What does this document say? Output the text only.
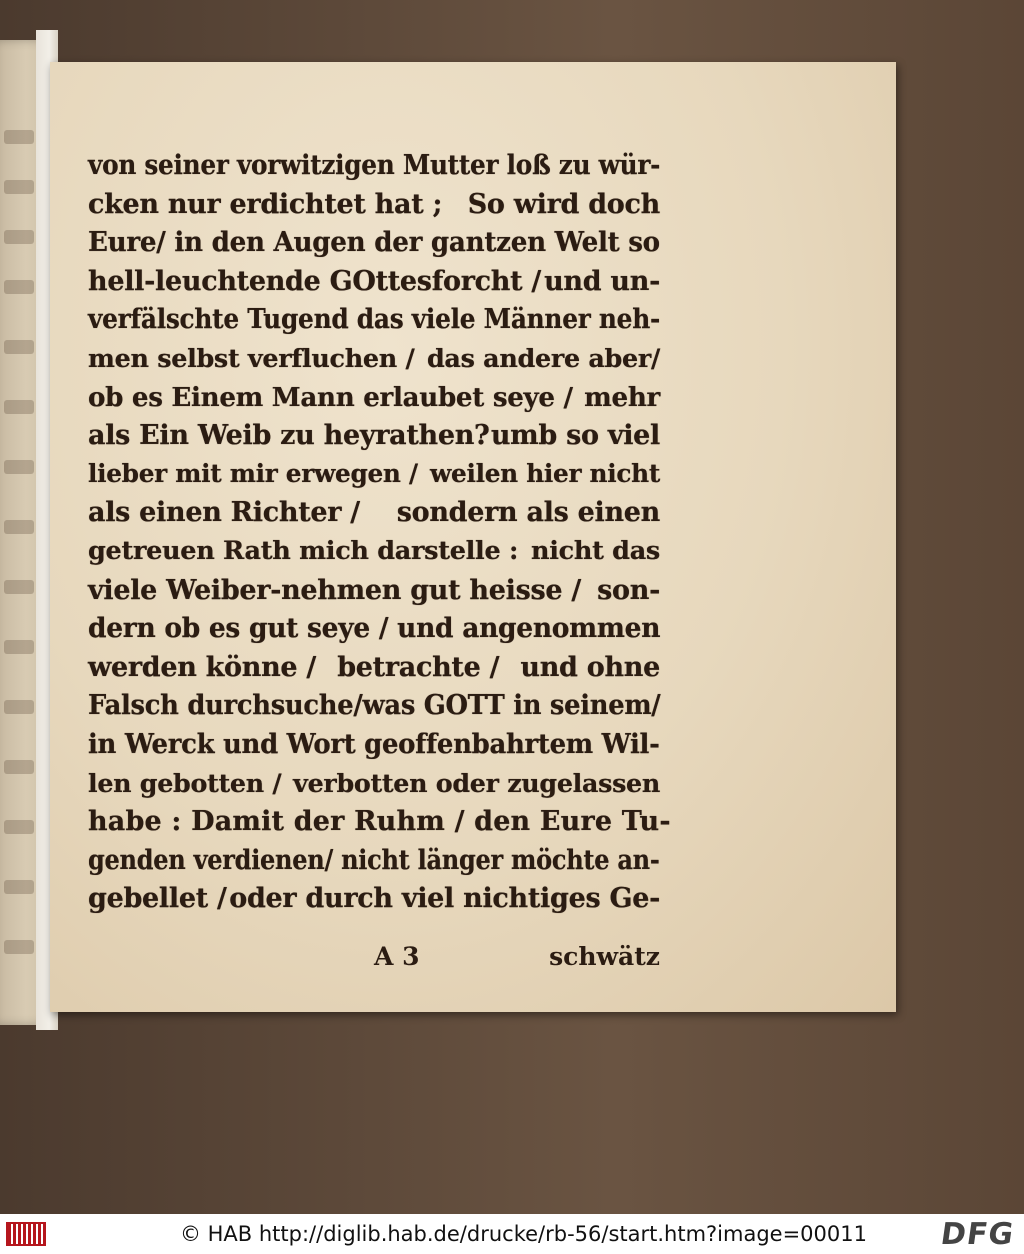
von seiner vorwitzigen Mutter loß zu wür-
cken nur erdichtet hat ; So wird doch
Eure/ in den Augen der gantzen Welt so
hell-leuchtende GOttesforcht / und un-
verfälschte Tugend das viele Männer neh-
men selbst verfluchen / das andere aber/
ob es Einem Mann erlaubet seye / mehr
als Ein Weib zu heyrathen? umb so viel
lieber mit mir erwegen / weilen hier nicht
als einen Richter / sondern als einen
getreuen Rath mich darstelle : nicht das
viele Weiber-nehmen gut heisse / son-
dern ob es gut seye / und angenommen
werden könne / betrachte / und ohne
Falsch durchsuche/was GOTT in seinem/
in Werck und Wort geoffenbahrtem Wil-
len gebotten / verbotten oder zugelassen
habe : Damit der Ruhm / den Eure Tu-
genden verdienen/ nicht länger möchte an-
gebellet / oder durch viel nichtiges Ge-
A 3	schwätz
© HAB http://diglib.hab.de/drucke/rb-56/start.htm?image=00011	DFG
